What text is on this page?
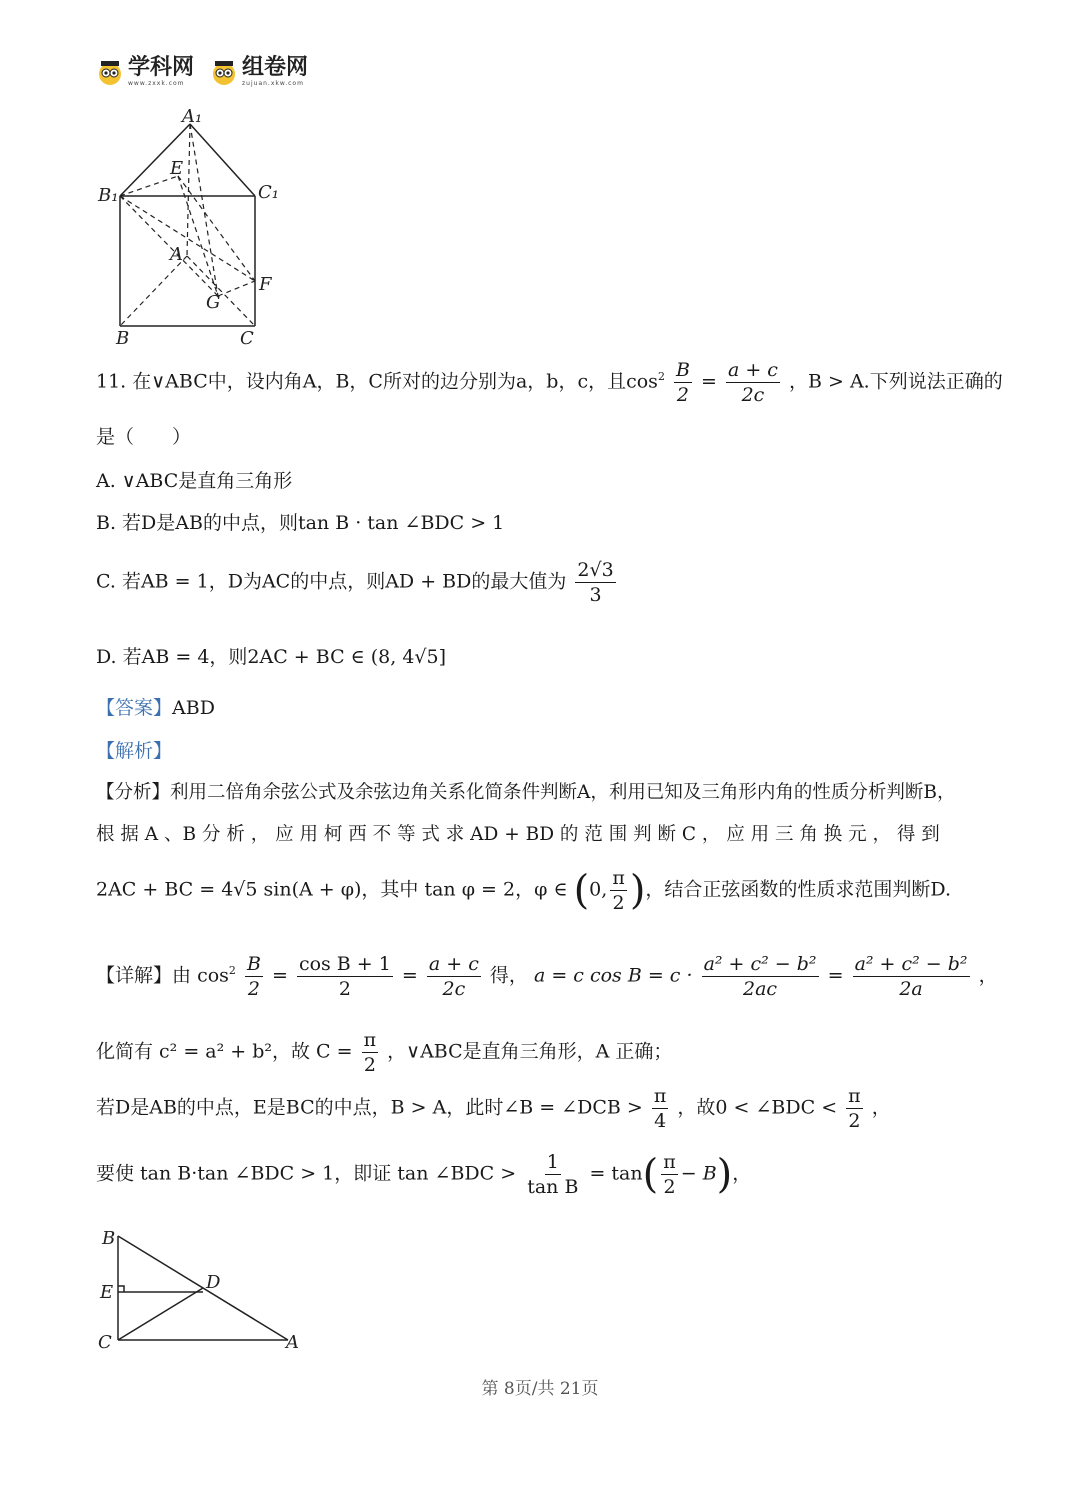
学科网
www.zxxk.com
组卷网
zujuan.xkw.com
A₁
E
B₁	C₁
A
F
G
B	C
11. 在∨ABC中，设内角A，B，C所对的边分别为a，b，c，且$\cos^2 \frac{B}{2} = \frac{a + c}{2c}$ ，B > A.下列说法正确的
是（　　）
A. ∨ABC是直角三角形
B. 若D是AB的中点，则tan B · tan ∠BDC > 1
C. 若AB = 1，D为AC的中点，则AD + BD的最大值为 $\frac{2√3}{3}$
D. 若AB = 4，则2AC + BC ∈ (8, 4√5]
【答案】ABD
【解析】
【分析】利用二倍角余弦公式及余弦边角关系化简条件判断A，利用已知及三角形内角的性质分析判断B，
根 据 A 、B 分 析 ， 应 用 柯 西 不 等 式 求 AD + BD 的 范 围 判 断 C ， 应 用 三 角 换 元 ， 得 到
2AC + BC = 4√5 sin(A + φ)，其中 tan φ = 2，φ ∈ (0, $\frac{\pi}{2}$ )，结合正弦函数的性质求范围判断D.
【详解】由 $\cos^2 \frac{B}{2} = \frac{\text{cos B + 1}}{2} = \frac{a + c}{2c}$ 得， a = c $\cos B = c \cdot \frac{\text{a² + c² − b²}}{2ac} = \frac{\text{a² + c² − b²}}{2a}$ ，
化简有 c² = a² + b²，故 $C = \frac{\pi}{2}$ ，∨ABC是直角三角形，A 正确；
若D是AB的中点，E是BC的中点，B > A，此时∠B = ∠DCB > $\frac{\pi}{4}$ ，故0 < ∠BDC < $\frac{\pi}{2}$ ，
要使 tan B·tan ∠BDC > 1，即证 tan ∠BDC > $\frac{1}{\text{tan B}} = \tan( \frac{\pi}{2} - B)$，
B
E	D
C	A
第 8页/共 21页
